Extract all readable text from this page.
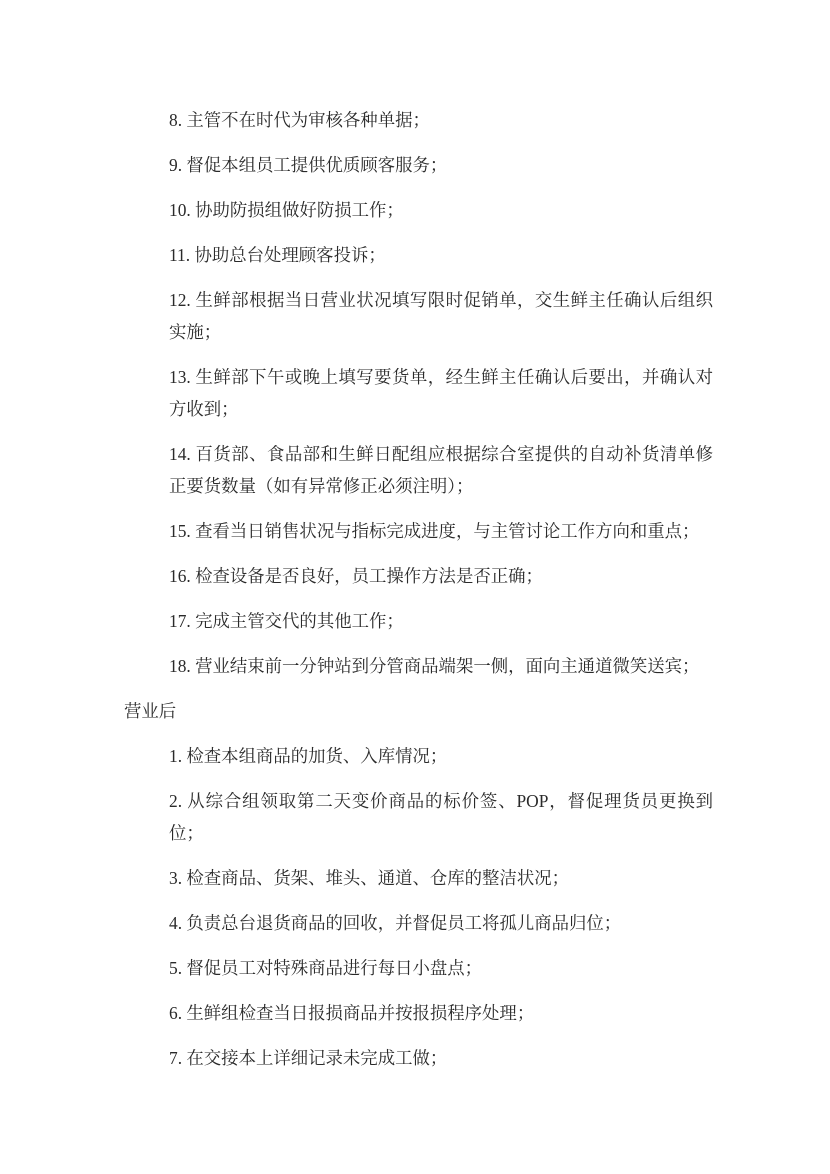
8. 主管不在时代为审核各种单据；

9. 督促本组员工提供优质顾客服务；

10. 协助防损组做好防损工作；

11. 协助总台处理顾客投诉；

12. 生鲜部根据当日营业状况填写限时促销单，交生鲜主任确认后组织
实施；

13. 生鲜部下午或晚上填写要货单，经生鲜主任确认后要出，并确认对
方收到；

14. 百货部、食品部和生鲜日配组应根据综合室提供的自动补货清单修
正要货数量（如有异常修正必须注明）；

15. 查看当日销售状况与指标完成进度，与主管讨论工作方向和重点；

16. 检查设备是否良好，员工操作方法是否正确；

17. 完成主管交代的其他工作；

18. 营业结束前一分钟站到分管商品端架一侧，面向主通道微笑送宾；

营业后

1. 检查本组商品的加货、入库情况；

2. 从综合组领取第二天变价商品的标价签、POP，督促理货员更换到
位；

3. 检查商品、货架、堆头、通道、仓库的整洁状况；

4. 负责总台退货商品的回收，并督促员工将孤儿商品归位；

5. 督促员工对特殊商品进行每日小盘点；

6. 生鲜组检查当日报损商品并按报损程序处理；

7. 在交接本上详细记录未完成工做；
